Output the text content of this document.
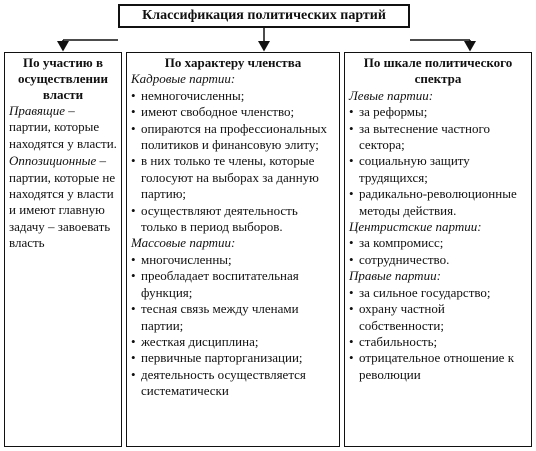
Классификация политических партий
По участию в осуществлении власти

Правящие – партии, которые находятся у власти.

Оппозиционные – партии, которые не находятся у власти и имеют главную задачу – завоевать власть

По характеру членства
Кадровые партии:
• немногочисленны;
• имеют свободное членство;
• опираются на профессиональных политиков и финансовую элиту;
• в них только те члены, которые голосуют на выборах за данную партию;
• осуществляют деятельность только в период выборов.
Массовые партии:
• многочисленны;
• преобладает воспитательная функция;
• тесная связь между членами партии;
• жесткая дисциплина;
• первичные парторганизации;
• деятельность осуществляется систематически
По шкале политического спектра
Левые партии:
• за реформы;
• за вытеснение частного сектора;
• социальную защиту трудящихся;
• радикально-революционные методы действия.
Центристские партии:
• за компромисс;
• сотрудничество.
Правые партии:
• за сильное государство;
• охрану частной собственности;
• стабильность;
• отрицательное отношение к революции
